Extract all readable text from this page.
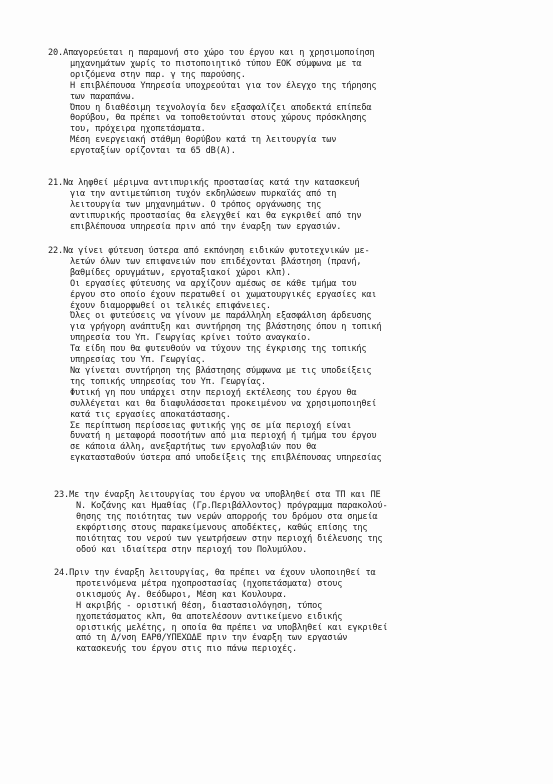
20.Απαγορεύεται η παραμονή στο χώρο του έργου και η χρησιμοποίηση
μηχανημάτων χωρίς το πιστοποιητικό τύπου ΕΟΚ σύμφωνα με τα
οριζόμενα στην παρ. γ της παρούσης.
Η επιβλέπουσα Υπηρεσία υποχρεούται για τον έλεγχο της τήρησης
των παραπάνω.
Όπου η διαθέσιμη τεχνολογία δεν εξασφαλίζει αποδεκτά επίπεδα
θορύβου, θα πρέπει να τοποθετούνται στους χώρους πρόσκλησης
του, πρόχειρα ηχοπετάσματα.
Μέση ενεργειακή στάθμη θορύβου κατά τη λειτουργία των
εργοταξίων ορίζονται τα 65 dB(A).
21.Να ληφθεί μέριμνα αντιπυρικής προστασίας κατά την κατασκευή
για την αντιμετώπιση τυχόν εκδηλώσεων πυρκαϊάς από τη
λειτουργία των μηχανημάτων. Ο τρόπος οργάνωσης της
αντιπυρικής προστασίας θα ελεγχθεί και θα εγκριθεί από την
επιβλέπουσα υπηρεσία πριν από την έναρξη των εργασιών.
22.Να γίνει φύτευση ύστερα από εκπόνηση ειδικών φυτοτεχνικών με-
λετών όλων των επιφανειών που επιδέχονται βλάστηση (πρανή,
βαθμίδες ορυγμάτων, εργοταξιακοί χώροι κλπ).
Οι εργασίες φύτευσης να αρχίζουν αμέσως σε κάθε τμήμα του
έργου στο οποίο έχουν περατωθεί οι χωματουργικές εργασίες και
έχουν διαμορφωθεί οι τελικές επιφάνειες.
Όλες οι φυτεύσεις να γίνουν με παράλληλη εξασφάλιση άρδευσης
για γρήγορη ανάπτυξη και συντήρηση της βλάστησης όπου η τοπική
υπηρεσία του Υπ. Γεωργίας κρίνει τούτο αναγκαίο.
Τα είδη που θα φυτευθούν να τύχουν της έγκρισης της τοπικής
υπηρεσίας του Υπ. Γεωργίας.
Να γίνεται συντήρηση της βλάστησης σύμφωνα με τις υποδείξεις
της τοπικής υπηρεσίας του Υπ. Γεωργίας.
Φυτική γη που υπάρχει στην περιοχή εκτέλεσης του έργου θα
συλλέγεται και θα διαφυλάσσεται προκειμένου να χρησιμοποιηθεί
κατά τις εργασίες αποκατάστασης.
Σε περίπτωση περίσσειας φυτικής γης σε μία περιοχή είναι
δυνατή η μεταφορά ποσοτήτων από μια περιοχή ή τμήμα του έργου
σε κάποια άλλη, ανεξαρτήτως των εργολαβιών που θα
εγκατασταθούν ύστερα από υποδείξεις της επιβλέπουσας υπηρεσίας
23.Με την έναρξη λειτουργίας του έργου να υποβληθεί στα ΤΠ και ΠΕ
Ν. Κοζάνης και Ημαθίας (Γρ.Περιβάλλοντος) πρόγραμμα παρακολού-
θησης της ποιότητας των νερών απορροής του δρόμου στα σημεία
εκφόρτισης στους παρακείμενους αποδέκτες, καθώς επίσης της
ποιότητας του νερού των γεωτρήσεων στην περιοχή διέλευσης της
οδού και ιδιαίτερα στην περιοχή του Πολυμύλου.
24.Πριν την έναρξη λειτουργίας, θα πρέπει να έχουν υλοποιηθεί τα
προτεινόμενα μέτρα ηχοπροστασίας (ηχοπετάσματα) στους
οικισμούς Αγ. Θεόδωροι, Μέση και Κουλουρα.
Η ακριβής - οριστική θέση, διαστασιολόγηση, τύπος
ηχοπετάσματος κλπ, θα αποτελέσουν αντικείμενο ειδικής
οριστικής μελέτης, η οποία θα πρέπει να υποβληθεί και εγκριθεί
από τη Δ/νση ΕΑΡΘ/ΥΠΕΧΩΔΕ πριν την έναρξη των εργασιών
κατασκευής του έργου στις πιο πάνω περιοχές.
